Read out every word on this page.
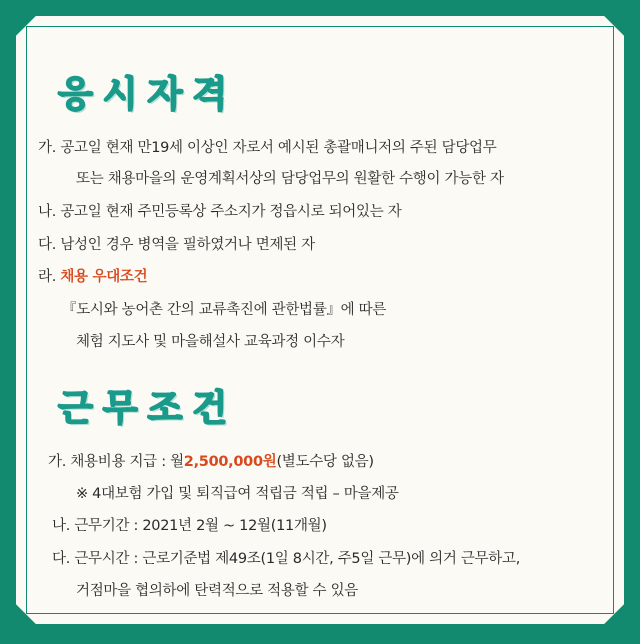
응시자격
가. 공고일 현재 만19세 이상인 자로서 예시된 총괄매니저의 주된 담당업무
또는 채용마을의 운영계획서상의 담당업무의 원활한 수행이 가능한 자
나. 공고일 현재 주민등록상 주소지가 정읍시로 되어있는 자
다. 남성인 경우 병역을 필하였거나 면제된 자
라. 채용 우대조건
『도시와 농어촌 간의 교류촉진에 관한법률』에 따른
체험 지도사 및 마을해설사 교육과정 이수자
근무조건
가. 채용비용 지급 : 월2,500,000원(별도수당 없음)
※ 4대보험 가입 및 퇴직급여 적립금 적립 – 마을제공
나. 근무기간 : 2021년 2월 ~ 12월(11개월)
다. 근무시간 : 근로기준법 제49조(1일 8시간, 주5일 근무)에 의거 근무하고,
거점마을 협의하에 탄력적으로 적용할 수 있음
